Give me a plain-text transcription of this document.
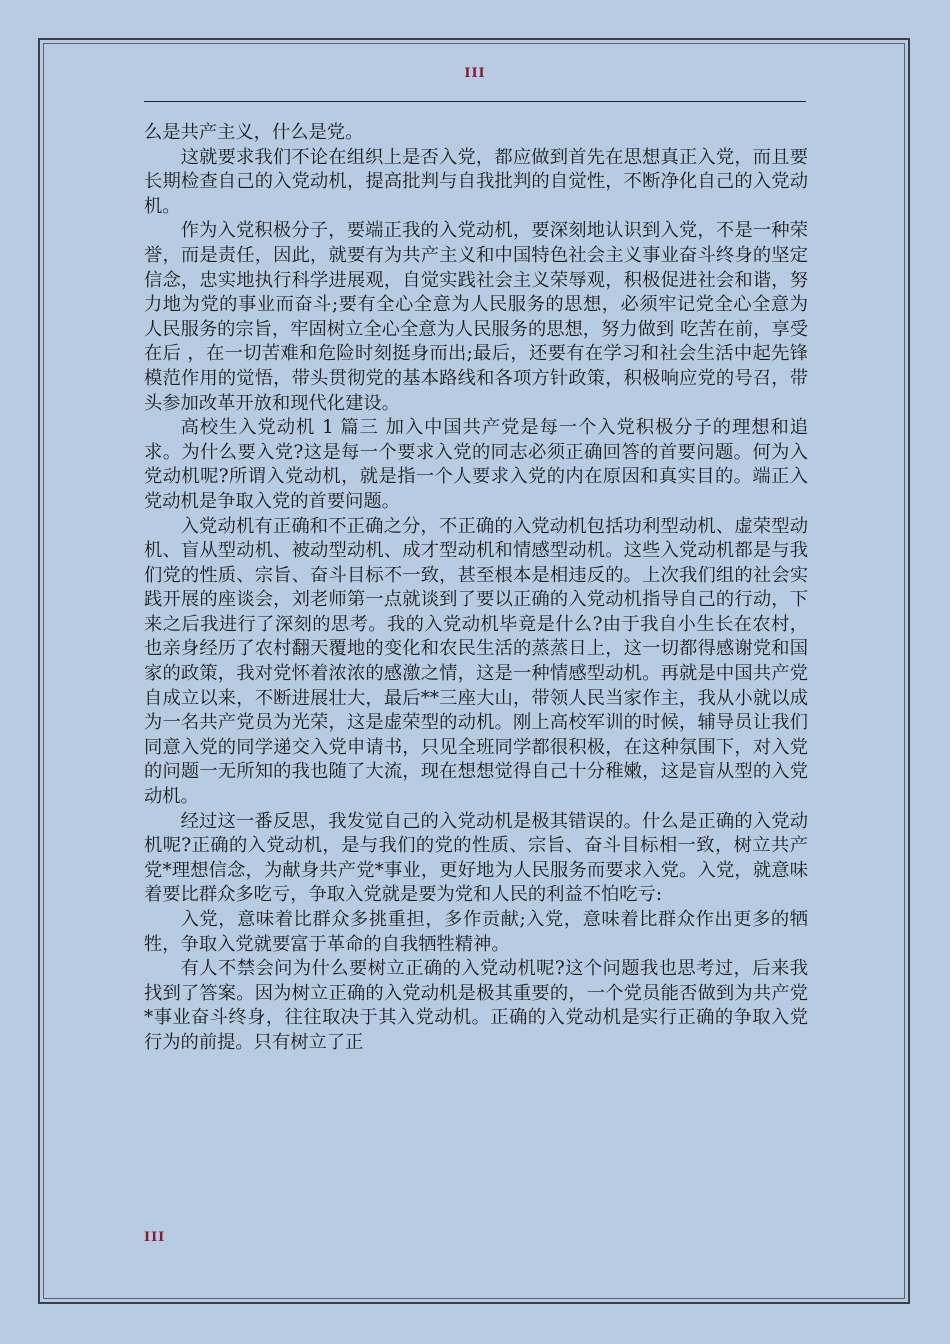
III

么是共产主义，什么是党。

这就要求我们不论在组织上是否入党，都应做到首先在思想真正入党，而且要长期检查自己的入党动机，提高批判与自我批判的自觉性，不断净化自己的入党动机。

作为入党积极分子，要端正我的入党动机，要深刻地认识到入党，不是一种荣誉，而是责任，因此，就要有为共产主义和中国特色社会主义事业奋斗终身的坚定信念，忠实地执行科学进展观，自觉实践社会主义荣辱观，积极促进社会和谐，努力地为党的事业而奋斗;要有全心全意为人民服务的思想，必须牢记党全心全意为人民服务的宗旨，牢固树立全心全意为人民服务的思想，努力做到 吃苦在前，享受在后 ，在一切苦难和危险时刻挺身而出;最后，还要有在学习和社会生活中起先锋模范作用的觉悟，带头贯彻党的基本路线和各项方针政策，积极响应党的号召，带头参加改革开放和现代化建设。

高校生入党动机 1 篇三 加入中国共产党是每一个入党积极分子的理想和追求。为什么要入党?这是每一个要求入党的同志必须正确回答的首要问题。何为入党动机呢?所谓入党动机，就是指一个人要求入党的内在原因和真实目的。端正入党动机是争取入党的首要问题。

入党动机有正确和不正确之分，不正确的入党动机包括功利型动机、虚荣型动机、盲从型动机、被动型动机、成才型动机和情感型动机。这些入党动机都是与我们党的性质、宗旨、奋斗目标不一致，甚至根本是相违反的。上次我们组的社会实践开展的座谈会，刘老师第一点就谈到了要以正确的入党动机指导自己的行动，下来之后我进行了深刻的思考。我的入党动机毕竟是什么?由于我自小生长在农村，也亲身经历了农村翻天覆地的变化和农民生活的蒸蒸日上，这一切都得感谢党和国家的政策，我对党怀着浓浓的感激之情，这是一种情感型动机。再就是中国共产党自成立以来，不断进展壮大，最后**三座大山，带领人民当家作主，我从小就以成为一名共产党员为光荣，这是虚荣型的动机。刚上高校军训的时候，辅导员让我们同意入党的同学递交入党申请书，只见全班同学都很积极，在这种氛围下，对入党的问题一无所知的我也随了大流，现在想想觉得自己十分稚嫩，这是盲从型的入党动机。

经过这一番反思，我发觉自己的入党动机是极其错误的。什么是正确的入党动机呢?正确的入党动机，是与我们的党的性质、宗旨、奋斗目标相一致，树立共产党*理想信念，为献身共产党*事业，更好地为人民服务而要求入党。入党，就意味着要比群众多吃亏，争取入党就是要为党和人民的利益不怕吃亏:

入党，意味着比群众多挑重担，多作贡献;入党，意味着比群众作出更多的牺牲，争取入党就要富于革命的自我牺牲精神。

有人不禁会问为什么要树立正确的入党动机呢?这个问题我也思考过，后来我找到了答案。因为树立正确的入党动机是极其重要的，一个党员能否做到为共产党*事业奋斗终身，往往取决于其入党动机。正确的入党动机是实行正确的争取入党行为的前提。只有树立了正

III
